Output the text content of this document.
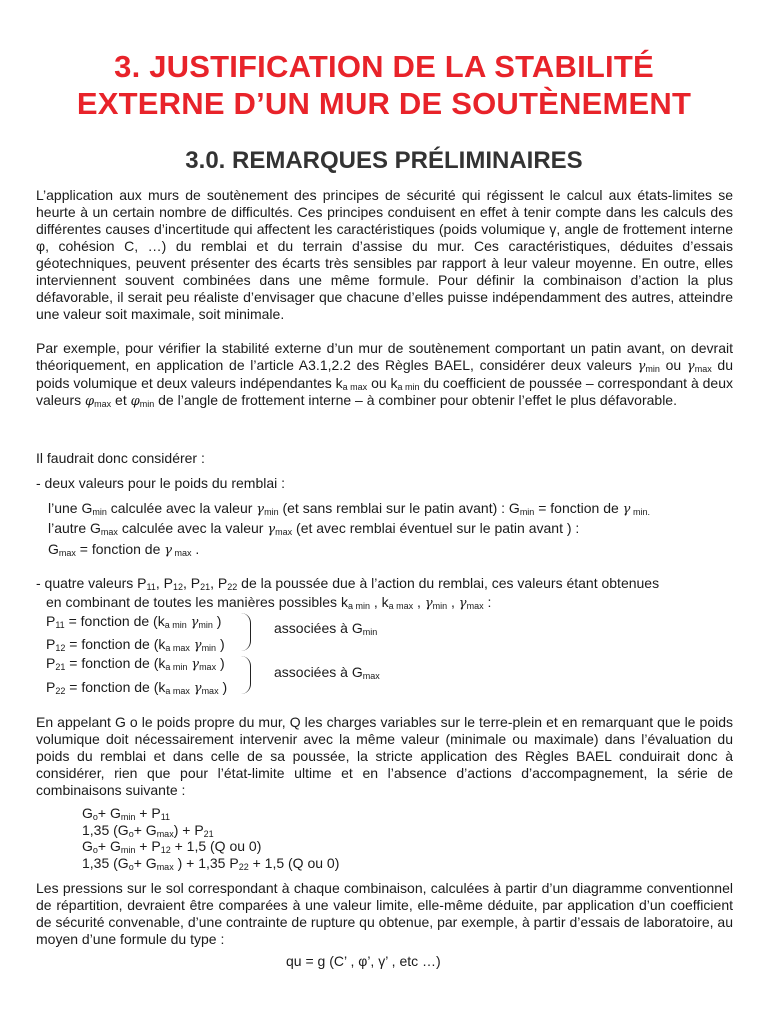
3. JUSTIFICATION DE LA STABILITÉ
EXTERNE D’UN MUR DE SOUTÈNEMENT
3.0. REMARQUES PRÉLIMINAIRES
L’application aux murs de soutènement des principes de sécurité qui régissent le calcul aux états-limites se heurte à un certain nombre de difficultés. Ces principes conduisent en effet à tenir compte dans les calculs des différentes causes d’incertitude qui affectent les caractéristiques (poids volumique γ, angle de frottement interne φ, cohésion C, …) du remblai et du terrain d’assise du mur. Ces caractéristiques, déduites d’essais géotechniques, peuvent présenter des écarts très sensibles par rapport à leur valeur moyenne. En outre, elles interviennent souvent combinées dans une même formule. Pour définir la combinaison d’action la plus défavorable, il serait peu réaliste d’envisager que chacune d’elles puisse indépendamment des autres, atteindre une valeur soit maximale, soit minimale.
Par exemple, pour vérifier la stabilité externe d’un mur de soutènement comportant un patin avant, on devrait théoriquement, en application de l’article A3.1,2.2 des Règles BAEL, considérer deux valeurs $\gamma_{min}$ ou $\gamma_{max}$ du poids volumique et deux valeurs indépendantes $k_{a max}$ ou $k_{a min}$ du coefficient de poussée – correspondant à deux valeurs $\varphi_{max}$ et $\varphi_{min}$ de l’angle de frottement interne – à combiner pour obtenir l’effet le plus défavorable.
Il faudrait donc considérer :
- deux valeurs pour le poids du remblai :
l’une $G_{min}$ calculée avec la valeur $\gamma_{min}$ (et sans remblai sur le patin avant) : $G_{min}$ = fonction de γ $_{min.}$
l’autre $G_{max}$ calculée avec la valeur $\gamma_{max}$ (et avec remblai éventuel sur le patin avant ) :
$G_{max}$ = fonction de γ $_{max}$ .
- quatre valeurs $P_{11}$, $P_{12}$, $P_{21}$, $P_{22}$ de la poussée due à l’action du remblai, ces valeurs étant obtenues
en combinant de toutes les manières possibles $k_{a min}$ , $k_{a max}$ , $\gamma_{min}$ , $\gamma_{max}$ :
$P_{11}$ = fonction de ($k_{a min}$ $\gamma_{min}$ )
$P_{12}$ = fonction de ($k_{a max}$ $\gamma_{min}$ )
$P_{21}$ = fonction de ($k_{a min}$ $\gamma_{max}$ )
$P_{22}$ = fonction de ($k_{a max}$ $\gamma_{max}$ )
associées à $G_{min}$
associées à $G_{max}$
En appelant G o le poids propre du mur, Q les charges variables sur le terre-plein et en remarquant que le poids volumique doit nécessairement intervenir avec la même valeur (minimale ou maximale) dans l’évaluation du poids du remblai et dans celle de sa poussée, la stricte application des Règles BAEL conduirait donc à considérer, rien que pour l’état-limite ultime et en l’absence d’actions d’accompagnement, la série de combinaisons suivante :
$G_o+ G_{min} + P_{11}$
1,35 $(G_o+ G_{max}) + P_{21}$
$G_o+ G_{min} + P_{12} + 1,5$ (Q ou 0)
1,35 ($G_o+ G_{max}$ ) + 1,35 $P_{22} + 1,5$ (Q ou 0)
Les pressions sur le sol correspondant à chaque combinaison, calculées à partir d’un diagramme conventionnel de répartition, devraient être comparées à une valeur limite, elle-même déduite, par application d’un coefficient de sécurité convenable, d’une contrainte de rupture qu obtenue, par exemple, à partir d’essais de laboratoire, au moyen d’une formule du type :
qu = g (C’ , φ’, γ’ , etc …)
